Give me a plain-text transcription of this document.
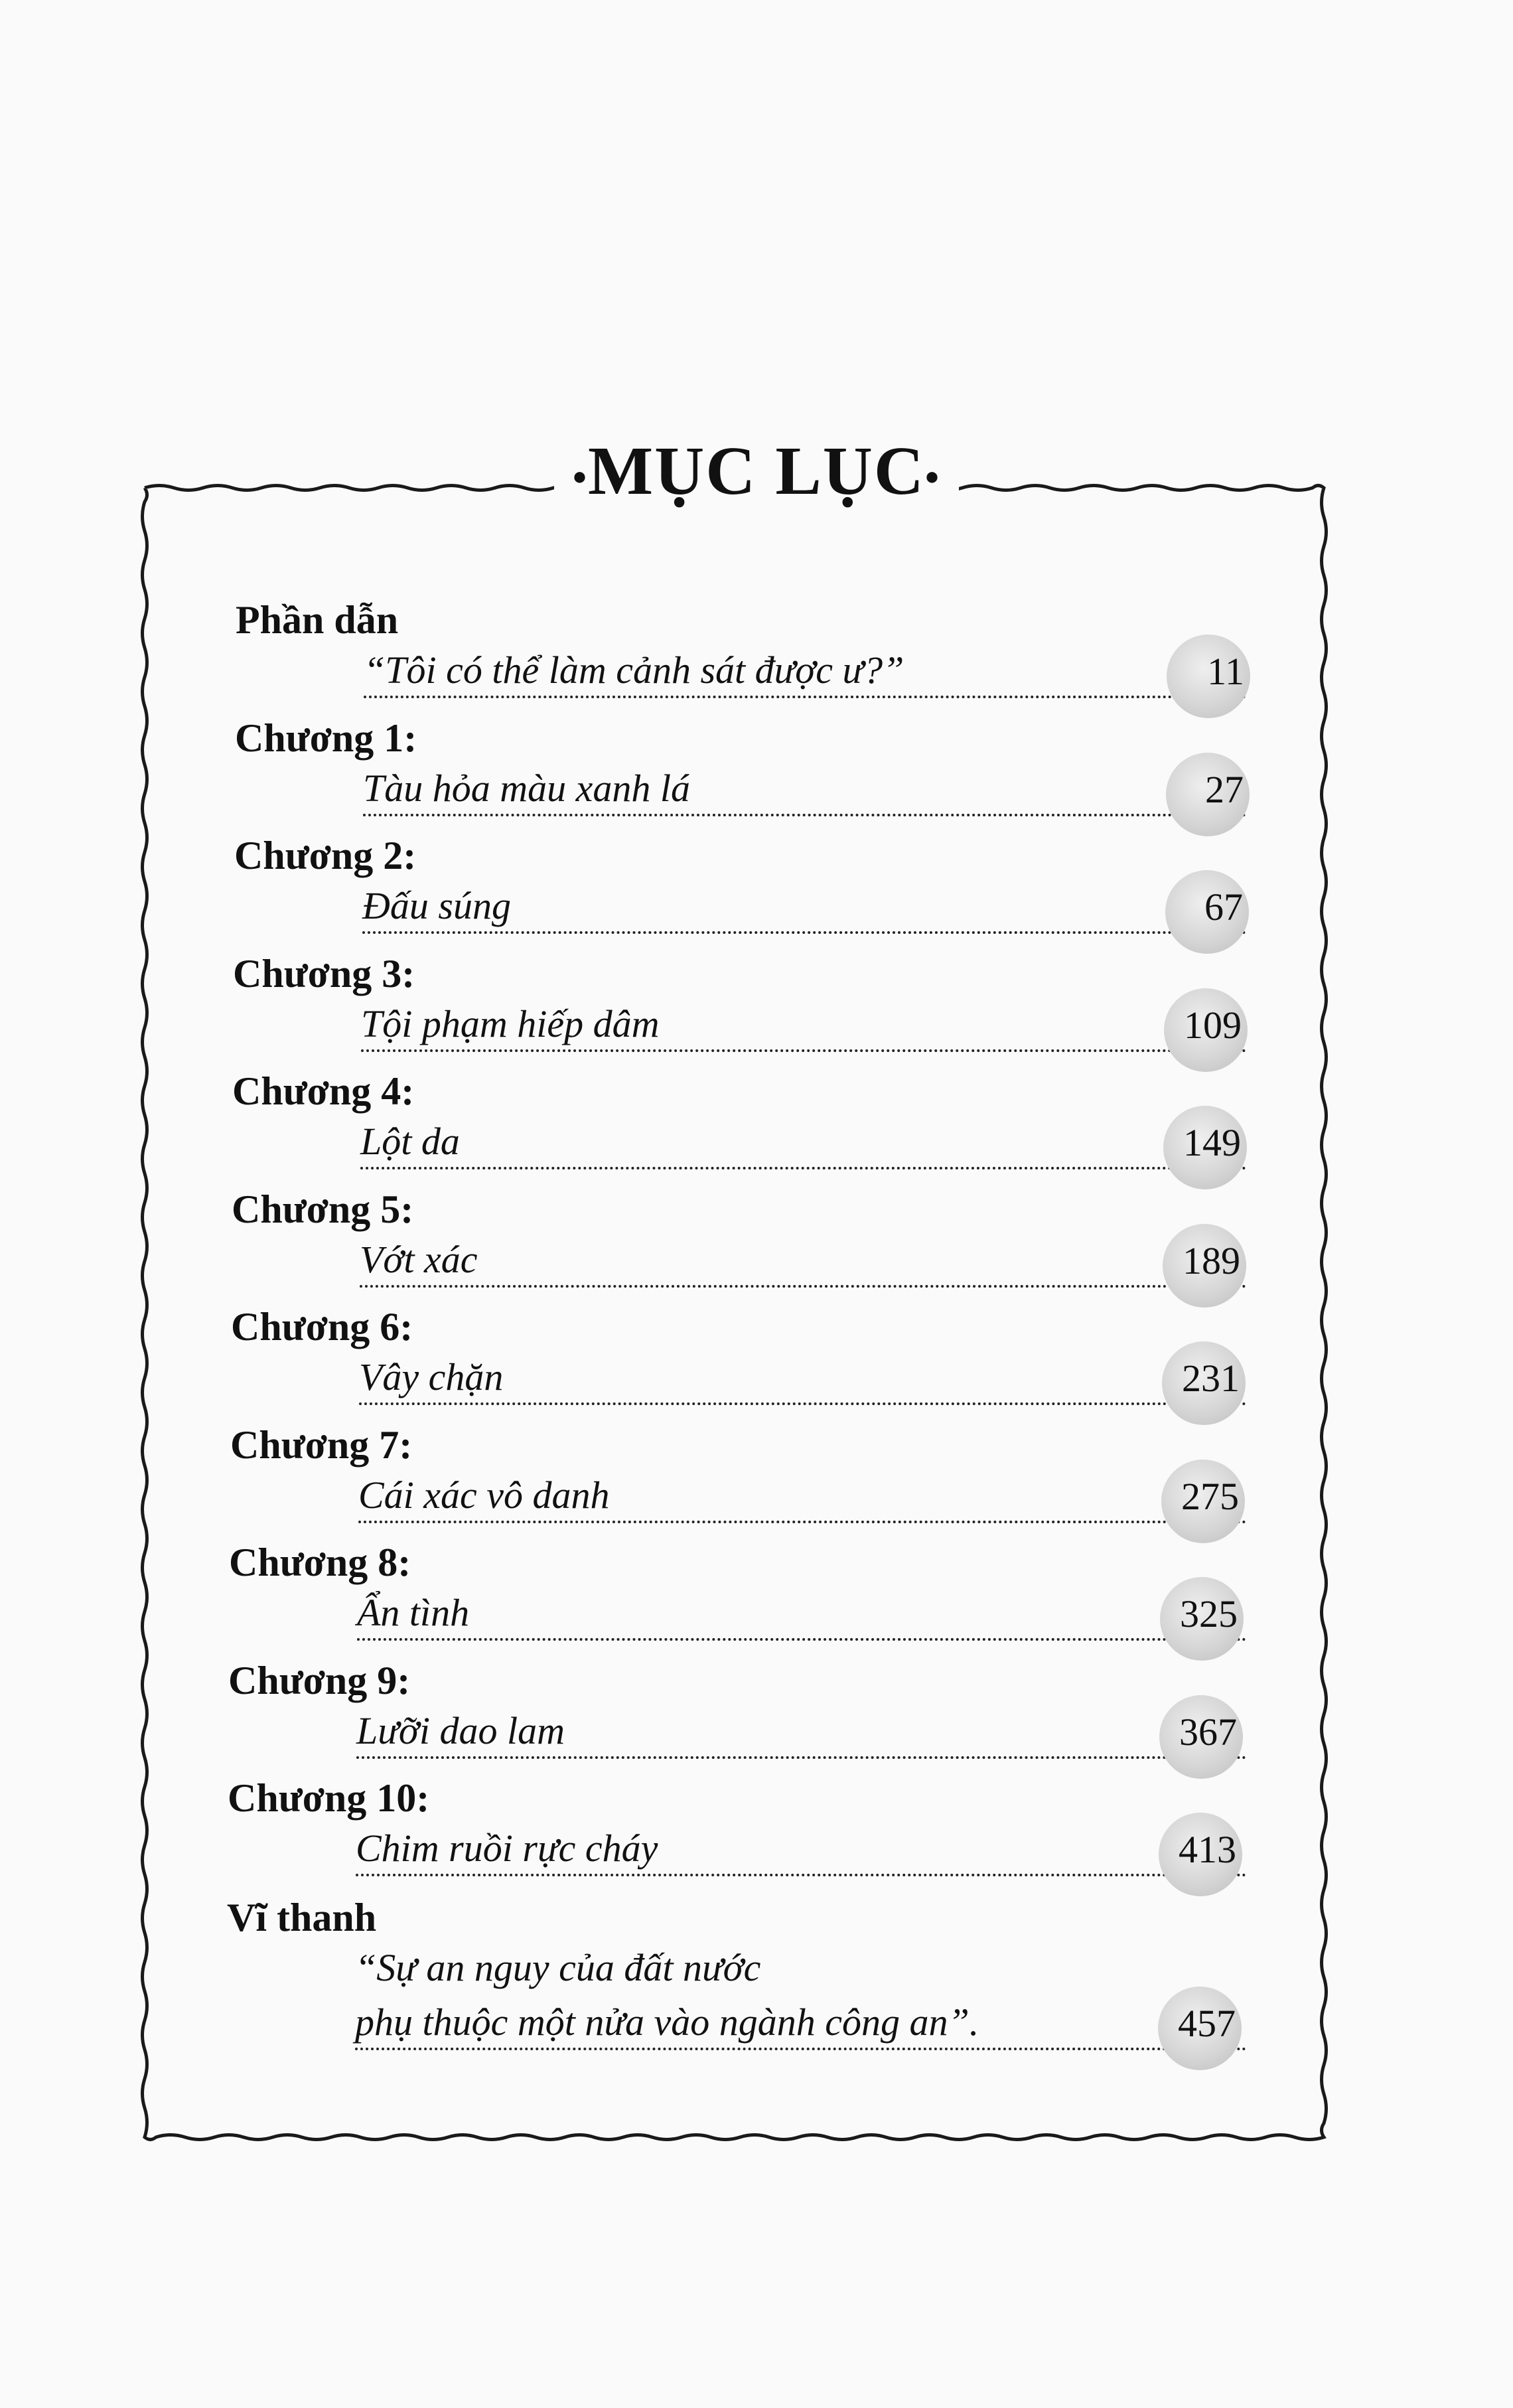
•MỤC LỤC•
Phần dẫn
“Tôi có thể làm cảnh sát được ư?”	11
Chương 1:
Tàu hỏa màu xanh lá	27
Chương 2:
Đấu súng	67
Chương 3:
Tội phạm hiếp dâm	109
Chương 4:
Lột da	149
Chương 5:
Vớt xác	189
Chương 6:
Vây chặn	231
Chương 7:
Cái xác vô danh	275
Chương 8:
Ẩn tình	325
Chương 9:
Lưỡi dao lam	367
Chương 10:
Chim ruồi rực cháy	413
Vĩ thanh
“Sự an nguy của đất nước
phụ thuộc một nửa vào ngành công an”.	457
